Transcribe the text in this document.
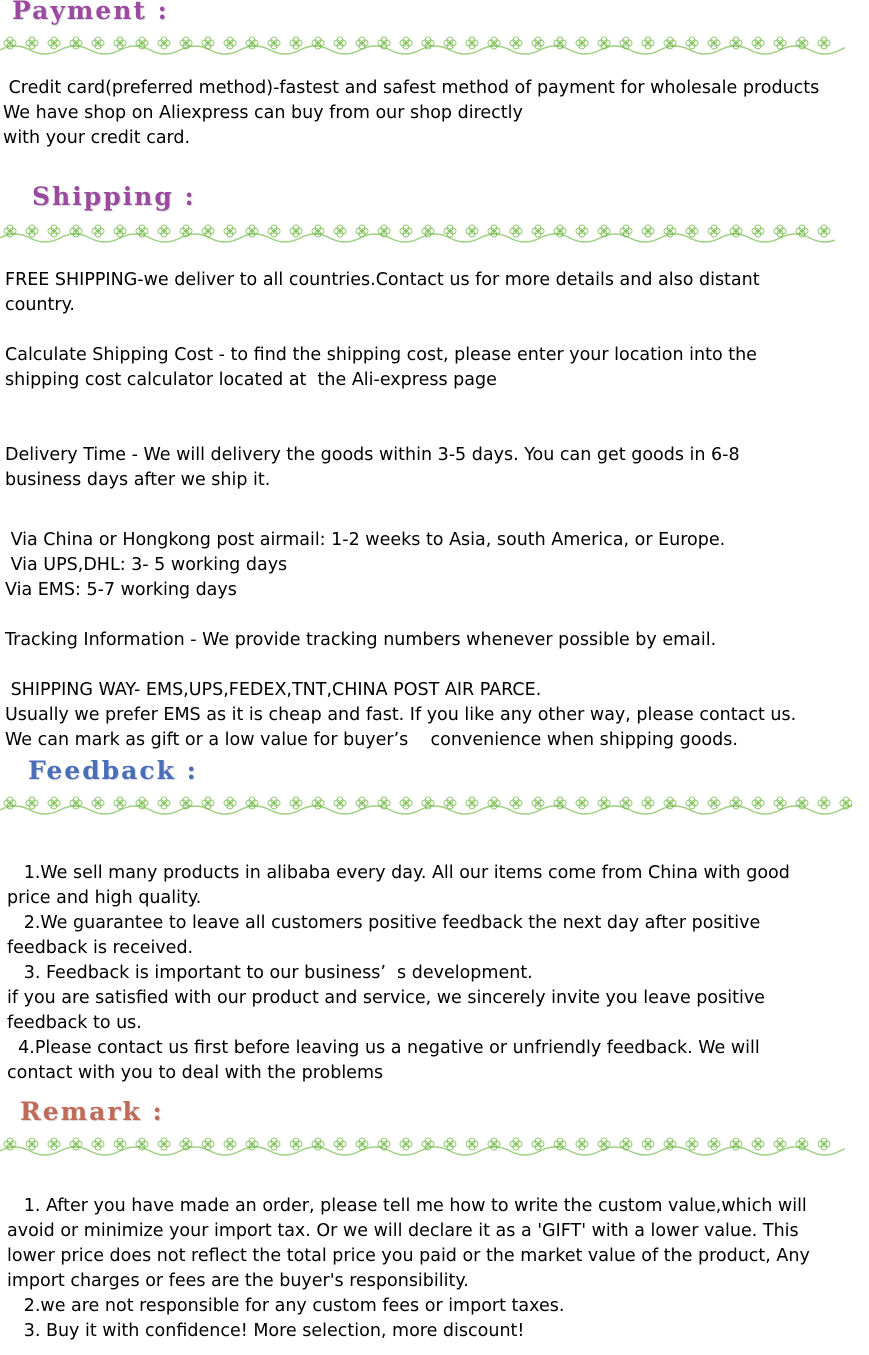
Payment :
Credit card(preferred method)-fastest and safest method of payment for wholesale products
We have shop on Aliexpress can buy from our shop directly
with your credit card.
Shipping :
FREE SHIPPING-we deliver to all countries.Contact us for more details and also distant
country.
Calculate Shipping Cost - to find the shipping cost, please enter your location into the
shipping cost calculator located at  the Ali-express page
Delivery Time - We will delivery the goods within 3-5 days. You can get goods in 6-8
business days after we ship it.
Via China or Hongkong post airmail: 1-2 weeks to Asia, south America, or Europe.
Via UPS,DHL: 3- 5 working days
Via EMS: 5-7 working days
Tracking Information - We provide tracking numbers whenever possible by email.
SHIPPING WAY- EMS,UPS,FEDEX,TNT,CHINA POST AIR PARCE.
Usually we prefer EMS as it is cheap and fast. If you like any other way, please contact us.
We can mark as gift or a low value for buyer’s    convenience when shipping goods.
Feedback :
1.We sell many products in alibaba every day. All our items come from China with good
price and high quality.
2.We guarantee to leave all customers positive feedback the next day after positive
feedback is received.
3. Feedback is important to our business’  s development.
if you are satisfied with our product and service, we sincerely invite you leave positive
feedback to us.
4.Please contact us first before leaving us a negative or unfriendly feedback. We will
contact with you to deal with the problems
Remark :
1. After you have made an order, please tell me how to write the custom value,which will
avoid or minimize your import tax. Or we will declare it as a 'GIFT' with a lower value. This
lower price does not reflect the total price you paid or the market value of the product, Any
import charges or fees are the buyer's responsibility.
2.we are not responsible for any custom fees or import taxes.
3. Buy it with confidence! More selection, more discount!
